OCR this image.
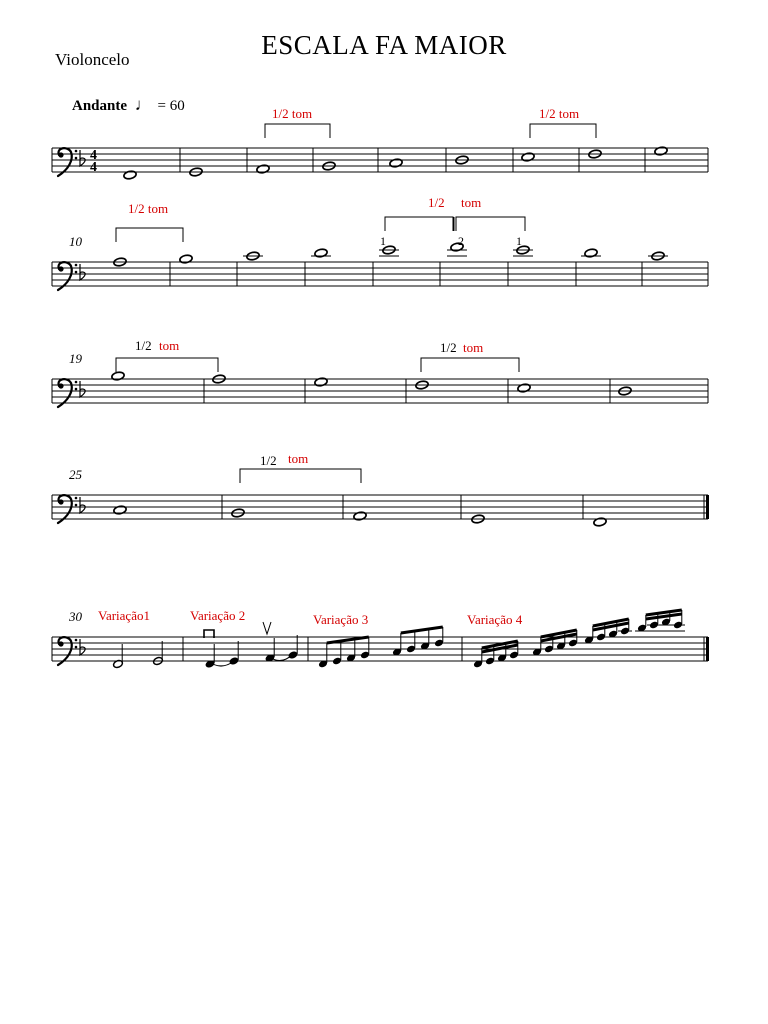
ESCALA FA MAIOR
Violoncelo
Andante ♩ = 60
4
4
1/2 tom	1/2 tom
10
1/2 tom	1/2 tom
1	2	1
19
1/2 tom	1/2 tom
25
1/2 tom
30 Variação1	Variação 2	Variação 3	Variação 4
